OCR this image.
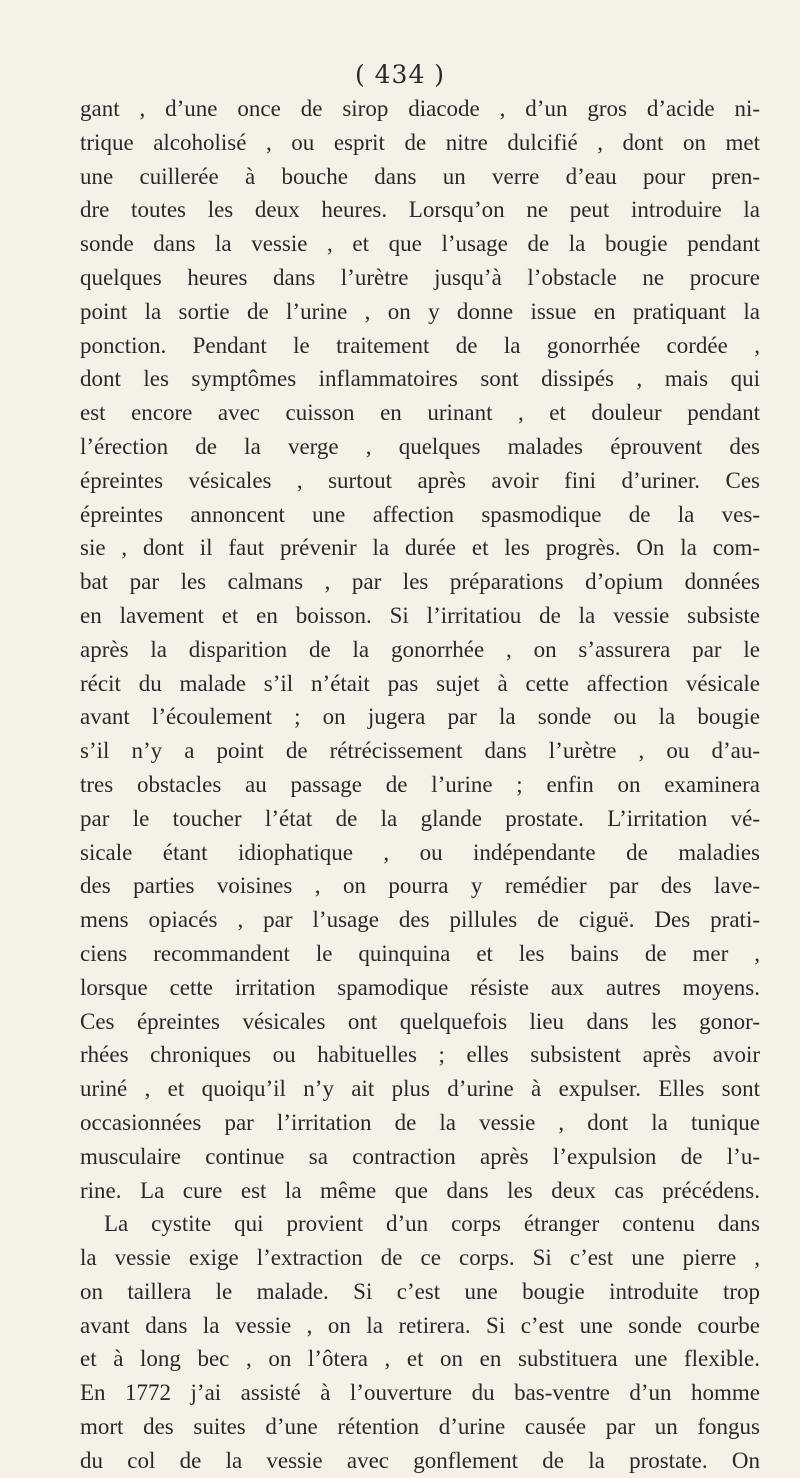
( 434 )
gant , d’une once de sirop diacode , d’un gros d’acide ni-
trique alcoholisé , ou esprit de nitre dulcifié , dont on met
une cuillerée à bouche dans un verre d’eau pour pren-
dre toutes les deux heures. Lorsqu’on ne peut introduire la
sonde dans la vessie , et que l’usage de la bougie pendant
quelques heures dans l’urètre jusqu’à l’obstacle ne procure
point la sortie de l’urine , on y donne issue en pratiquant la
ponction. Pendant le traitement de la gonorrhée cordée ,
dont les symptômes inflammatoires sont dissipés , mais qui
est encore avec cuisson en urinant , et douleur pendant
l’érection de la verge , quelques malades éprouvent des
épreintes vésicales , surtout après avoir fini d’uriner. Ces
épreintes annoncent une affection spasmodique de la ves-
sie , dont il faut prévenir la durée et les progrès. On la com-
bat par les calmans , par les préparations d’opium données
en lavement et en boisson. Si l’irritatiou de la vessie subsiste
après la disparition de la gonorrhée , on s’assurera par le
récit du malade s’il n’était pas sujet à cette affection vésicale
avant l’écoulement ; on jugera par la sonde ou la bougie
s’il n’y a point de rétrécissement dans l’urètre , ou d’au-
tres obstacles au passage de l’urine ; enfin on examinera
par le toucher l’état de la glande prostate. L’irritation vé-
sicale étant idiophatique , ou indépendante de maladies
des parties voisines , on pourra y remédier par des lave-
mens opiacés , par l’usage des pillules de ciguë. Des prati-
ciens recommandent le quinquina et les bains de mer ,
lorsque cette irritation spamodique résiste aux autres moyens.
Ces épreintes vésicales ont quelquefois lieu dans les gonor-
rhées chroniques ou habituelles ; elles subsistent après avoir
uriné , et quoiqu’il n’y ait plus d’urine à expulser. Elles sont
occasionnées par l’irritation de la vessie , dont la tunique
musculaire continue sa contraction après l’expulsion de l’u-
rine. La cure est la même que dans les deux cas précédens.
La cystite qui provient d’un corps étranger contenu dans
la vessie exige l’extraction de ce corps. Si c’est une pierre ,
on taillera le malade. Si c’est une bougie introduite trop
avant dans la vessie , on la retirera. Si c’est une sonde courbe
et à long bec , on l’ôtera , et on en substituera une flexible.
En 1772 j’ai assisté à l’ouverture du bas-ventre d’un homme
mort des suites d’une rétention d’urine causée par un fongus
du col de la vessie avec gonflement de la prostate. On
